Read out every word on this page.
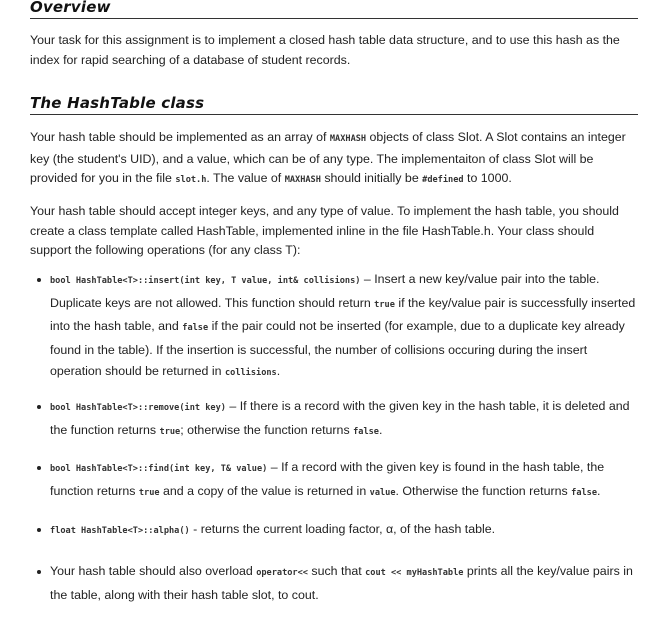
Overview

Your task for this assignment is to implement a closed hash table data structure, and to use this hash as the index for rapid searching of a database of student records.

The HashTable class

Your hash table should be implemented as an array of MAXHASH objects of class Slot. A Slot contains an integer key (the student's UID), and a value, which can be of any type. The implementaiton of class Slot will be provided for you in the file slot.h. The value of MAXHASH should initially be #defined to 1000.

Your hash table should accept integer keys, and any type of value. To implement the hash table, you should create a class template called HashTable, implemented inline in the file HashTable.h. Your class should support the following operations (for any class T):

bool HashTable<T>::insert(int key, T value, int& collisions) – Insert a new key/value pair into the table. Duplicate keys are not allowed. This function should return true if the key/value pair is successfully inserted into the hash table, and false if the pair could not be inserted (for example, due to a duplicate key already found in the table). If the insertion is successful, the number of collisions occuring during the insert operation should be returned in collisions.
bool HashTable<T>::remove(int key) – If there is a record with the given key in the hash table, it is deleted and the function returns true; otherwise the function returns false.
bool HashTable<T>::find(int key, T& value) – If a record with the given key is found in the hash table, the function returns true and a copy of the value is returned in value. Otherwise the function returns false.
float HashTable<T>::alpha() - returns the current loading factor, α, of the hash table.
Your hash table should also overload operator<< such that cout << myHashTable prints all the key/value pairs in the table, along with their hash table slot, to cout.
